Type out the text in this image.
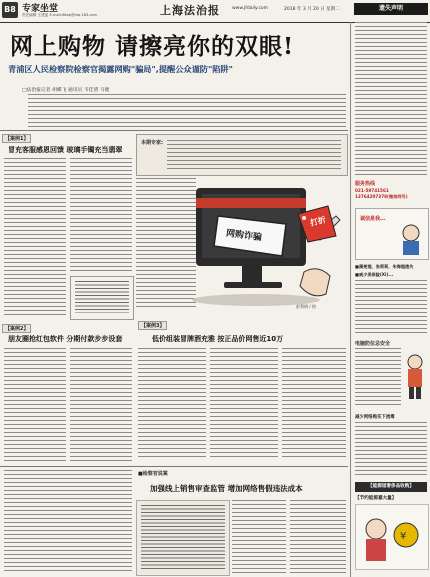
B8 专家坐堂
责任编辑 王建蓝 E-mail:lfdzzj@vip.163.com	上海法治报	www.jfdaily.com	2018 年 3 月 20 日 星期二	遗失声明
网上购物 请擦亮你的双眼!
青浦区人民检察院检察官揭露网购"骗局",提醒公众谨防"陷阱"
□法治报记者 胡蝶飞 通讯员 韦佳赟 马婕
【案例1】
冒充客服感恩回馈 玻璃手镯充当翡翠
本期专家:
网购诈骗
打折
彭利明 / 图
【案例2】
朋友圈抢红包软件 分期付款步步设套
【案例3】
低价组装冒牌酒充雅 按正品价网售近10万
■检察官说案
加强线上销售审查监管 增加网络售假违法成本
服务热线
021-59741561 13764207378(微信同号)
诚信是我...
■蒲亮莲、张莉莉、朱海超遗失
■威少美保险(Xi)...
电脑防位忌安全
减少网络购买下流毒
【能源道奢侈品收购】
【节约能源嘉大量】
¥
